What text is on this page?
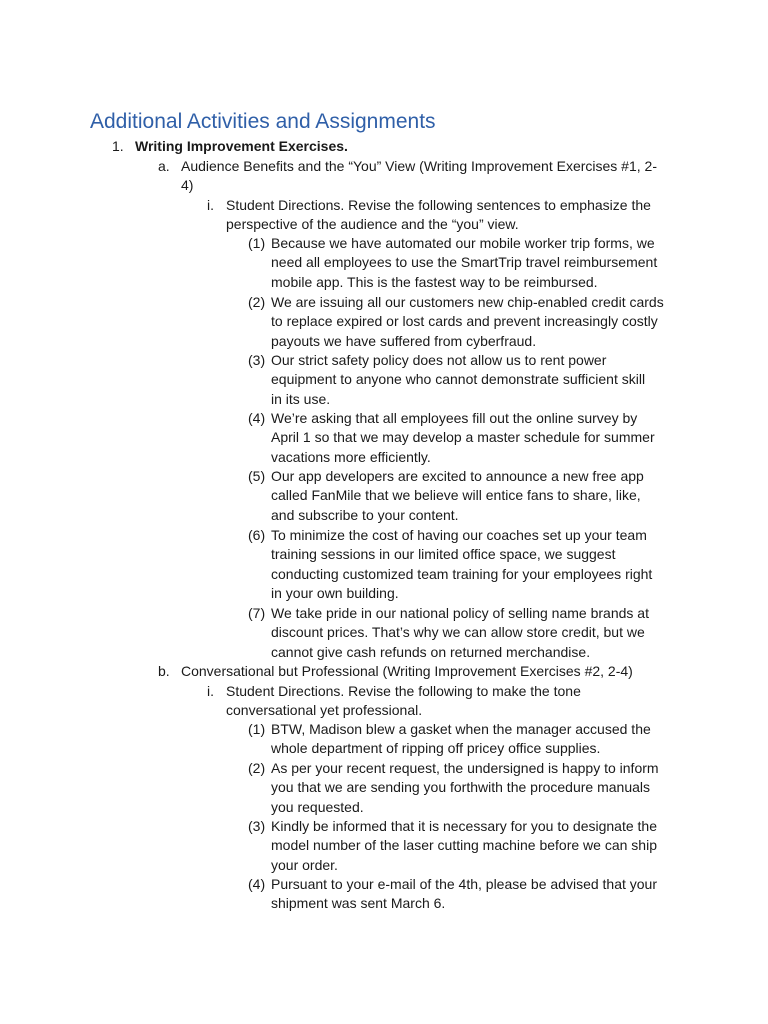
Additional Activities and Assignments
1. Writing Improvement Exercises.
a. Audience Benefits and the “You” View (Writing Improvement Exercises #1, 2-
4)
i. Student Directions. Revise the following sentences to emphasize the
perspective of the audience and the “you” view.
(1) Because we have automated our mobile worker trip forms, we
need all employees to use the SmartTrip travel reimbursement
mobile app. This is the fastest way to be reimbursed.
(2) We are issuing all our customers new chip-enabled credit cards
to replace expired or lost cards and prevent increasingly costly
payouts we have suffered from cyberfraud.
(3) Our strict safety policy does not allow us to rent power
equipment to anyone who cannot demonstrate sufficient skill
in its use.
(4) We’re asking that all employees fill out the online survey by
April 1 so that we may develop a master schedule for summer
vacations more efficiently.
(5) Our app developers are excited to announce a new free app
called FanMile that we believe will entice fans to share, like,
and subscribe to your content.
(6) To minimize the cost of having our coaches set up your team
training sessions in our limited office space, we suggest
conducting customized team training for your employees right
in your own building.
(7) We take pride in our national policy of selling name brands at
discount prices. That’s why we can allow store credit, but we
cannot give cash refunds on returned merchandise.
b. Conversational but Professional (Writing Improvement Exercises #2, 2-4)
i. Student Directions. Revise the following to make the tone
conversational yet professional.
(1) BTW, Madison blew a gasket when the manager accused the
whole department of ripping off pricey office supplies.
(2) As per your recent request, the undersigned is happy to inform
you that we are sending you forthwith the procedure manuals
you requested.
(3) Kindly be informed that it is necessary for you to designate the
model number of the laser cutting machine before we can ship
your order.
(4) Pursuant to your e-mail of the 4th, please be advised that your
shipment was sent March 6.
